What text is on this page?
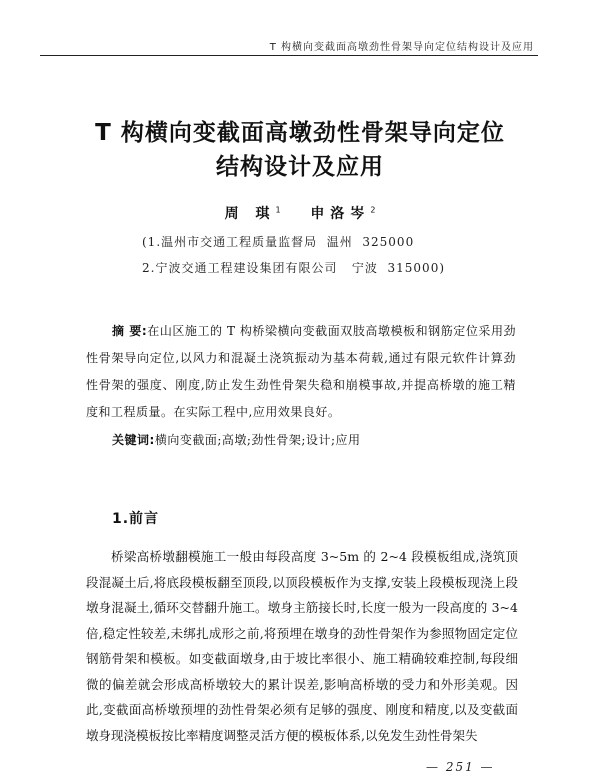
T 构横向变截面高墩劲性骨架导向定位结构设计及应用
T 构横向变截面高墩劲性骨架导向定位
结构设计及应用
周 琪$^1$ 申洛岑$^2$
(1.温州市交通工程质量监督局  温州  325000
2.宁波交通工程建设集团有限公司   宁波  315000)
摘 要:在山区施工的 T 构桥梁横向变截面双肢高墩模板和钢筋定位采用劲性骨架导向定位,以风力和混凝土浇筑振动为基本荷载,通过有限元软件计算劲性骨架的强度、刚度,防止发生劲性骨架失稳和崩模事故,并提高桥墩的施工精度和工程质量。在实际工程中,应用效果良好。
关键词:横向变截面;高墩;劲性骨架;设计;应用
1.前言
桥梁高桥墩翻模施工一般由每段高度 3~5m 的 2~4 段模板组成,浇筑顶段混凝土后,将底段模板翻至顶段,以顶段模板作为支撑,安装上段模板现浇上段墩身混凝土,循环交替翻升施工。墩身主筋接长时,长度一般为一段高度的 3~4 倍,稳定性较差,未绑扎成形之前,将预埋在墩身的劲性骨架作为参照物固定定位钢筋骨架和模板。如变截面墩身,由于坡比率很小、施工精确较难控制,每段细微的偏差就会形成高桥墩较大的累计误差,影响高桥墩的受力和外形美观。因此,变截面高桥墩预埋的劲性骨架必须有足够的强度、刚度和精度,以及变截面墩身现浇模板按比率精度调整灵活方便的模板体系,以免发生劲性骨架失
— 251 —
